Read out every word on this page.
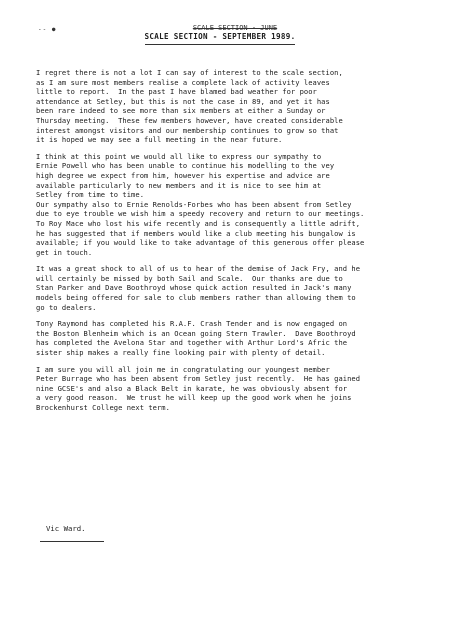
-- ●	SCALE SECTION - JUNE
SCALE SECTION - SEPTEMBER 1989.

I regret there is not a lot I can say of interest to the scale section,
as I am sure most members realise a complete lack of activity leaves
little to report.  In the past I have blamed bad weather for poor
attendance at Setley, but this is not the case in 89, and yet it has
been rare indeed to see more than six members at either a Sunday or
Thursday meeting.  These few members however, have created considerable
interest amongst visitors and our membership continues to grow so that
it is hoped we may see a full meeting in the near future.

I think at this point we would all like to express our sympathy to
Ernie Powell who has been unable to continue his modelling to the vey
high degree we expect from him, however his expertise and advice are
available particularly to new members and it is nice to see him at
Setley from time to time.
Our sympathy also to Ernie Renolds-Forbes who has been absent from Setley
due to eye trouble we wish him a speedy recovery and return to our meetings.
To Roy Mace who lost his wife recently and is consequently a little adrift,
he has suggested that if members would like a club meeting his bungalow is
available; if you would like to take advantage of this generous offer please
get in touch.

It was a great shock to all of us to hear of the demise of Jack Fry, and he
will certainly be missed by both Sail and Scale.  Our thanks are due to
Stan Parker and Dave Boothroyd whose quick action resulted in Jack's many
models being offered for sale to club members rather than allowing them to
go to dealers.

Tony Raymond has completed his R.A.F. Crash Tender and is now engaged on
the Boston Blenheim which is an Ocean going Stern Trawler.  Dave Boothroyd
has completed the Avelona Star and together with Arthur Lord's Afric the
sister ship makes a really fine looking pair with plenty of detail.

I am sure you will all join me in congratulating our youngest member
Peter Burrage who has been absent from Setley just recently.  He has gained
nine GCSE's and also a Black Belt in karate, he was obviously absent for
a very good reason.  We trust he will keep up the good work when he joins
Brockenhurst College next term.

Vic Ward.
